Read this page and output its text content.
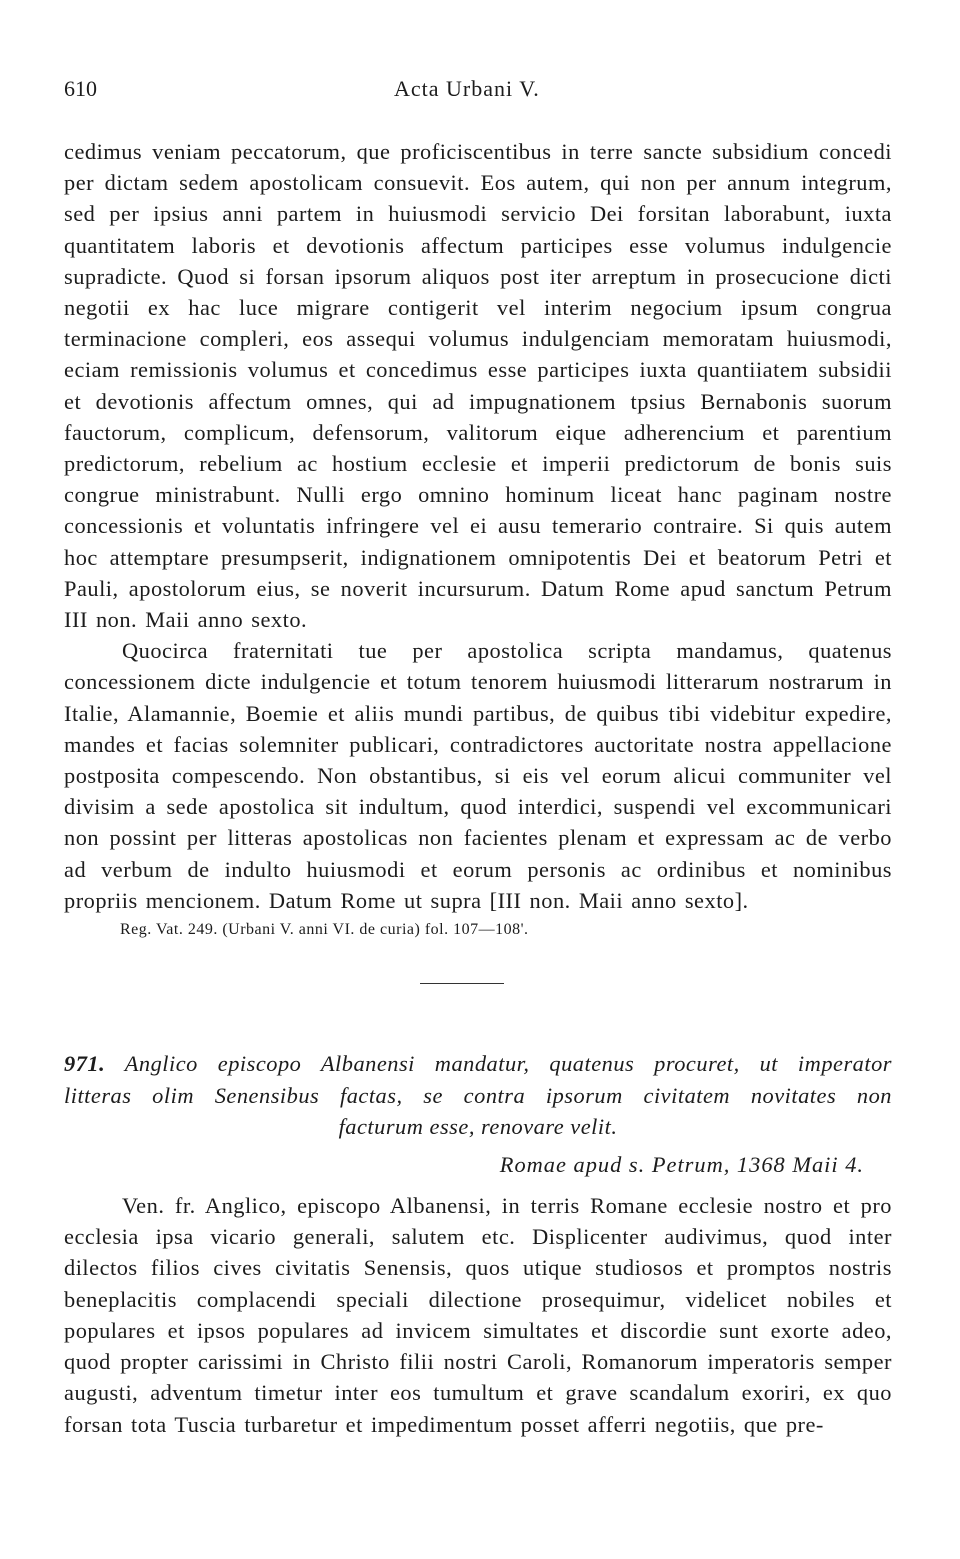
610	Acta Urbani V.

cedimus veniam peccatorum, que proficiscentibus in terre sancte subsidium concedi per dictam sedem apostolicam consuevit. Eos autem, qui non per annum integrum, sed per ipsius anni partem in huiusmodi servicio Dei forsitan laborabunt, iuxta quantitatem laboris et devotionis affectum participes esse volumus indulgencie supradicte. Quod si forsan ipsorum aliquos post iter arreptum in prosecucione dicti negotii ex hac luce migrare contigerit vel interim negocium ipsum congrua terminacione compleri, eos assequi volumus indulgenciam memoratam huiusmodi, eciam remissionis volumus et concedimus esse participes iuxta quantiiatem subsidii et devotionis affectum omnes, qui ad impugnationem tpsius Bernabonis suorum fauctorum, complicum, defensorum, valitorum eique adherencium et parentium predictorum, rebelium ac hostium ecclesie et imperii predictorum de bonis suis congrue ministrabunt. Nulli ergo omnino hominum liceat hanc paginam nostre concessionis et voluntatis infringere vel ei ausu temerario contraire. Si quis autem hoc attemptare presumpserit, indignationem omnipotentis Dei et beatorum Petri et Pauli, apostolorum eius, se noverit incursurum. Datum Rome apud sanctum Petrum III non. Maii anno sexto.

Quocirca fraternitati tue per apostolica scripta mandamus, quatenus concessionem dicte indulgencie et totum tenorem huiusmodi litterarum nostrarum in Italie, Alamannie, Boemie et aliis mundi partibus, de quibus tibi videbitur expedire, mandes et facias solemniter publicari, contradictores auctoritate nostra appellacione postposita compescendo. Non obstantibus, si eis vel eorum alicui communiter vel divisim a sede apostolica sit indultum, quod interdici, suspendi vel excommunicari non possint per litteras apostolicas non facientes plenam et expressam ac de verbo ad verbum de indulto huiusmodi et eorum personis ac ordinibus et nominibus propriis mencionem. Datum Rome ut supra [III non. Maii anno sexto].

Reg. Vat. 249. (Urbani V. anni VI. de curia) fol. 107—108'.
971. Anglico episcopo Albanensi mandatur, quatenus procuret, ut imperator
litteras olim Senensibus factas, se contra ipsorum civitatem novitates non
facturum esse, renovare velit.
Romae apud s. Petrum, 1368 Maii 4.

Ven. fr. Anglico, episcopo Albanensi, in terris Romane ecclesie nostro et pro ecclesia ipsa vicario generali, salutem etc. Displicenter audivimus, quod inter dilectos filios cives civitatis Senensis, quos utique studiosos et promptos nostris beneplacitis complacendi speciali dilectione prosequimur, videlicet nobiles et populares et ipsos populares ad invicem simultates et discordie sunt exorte adeo, quod propter carissimi in Christo filii nostri Caroli, Romanorum imperatoris semper augusti, adventum timetur inter eos tumultum et grave scandalum exoriri, ex quo forsan tota Tuscia turbaretur et impedimentum posset afferri negotiis, que pre-
